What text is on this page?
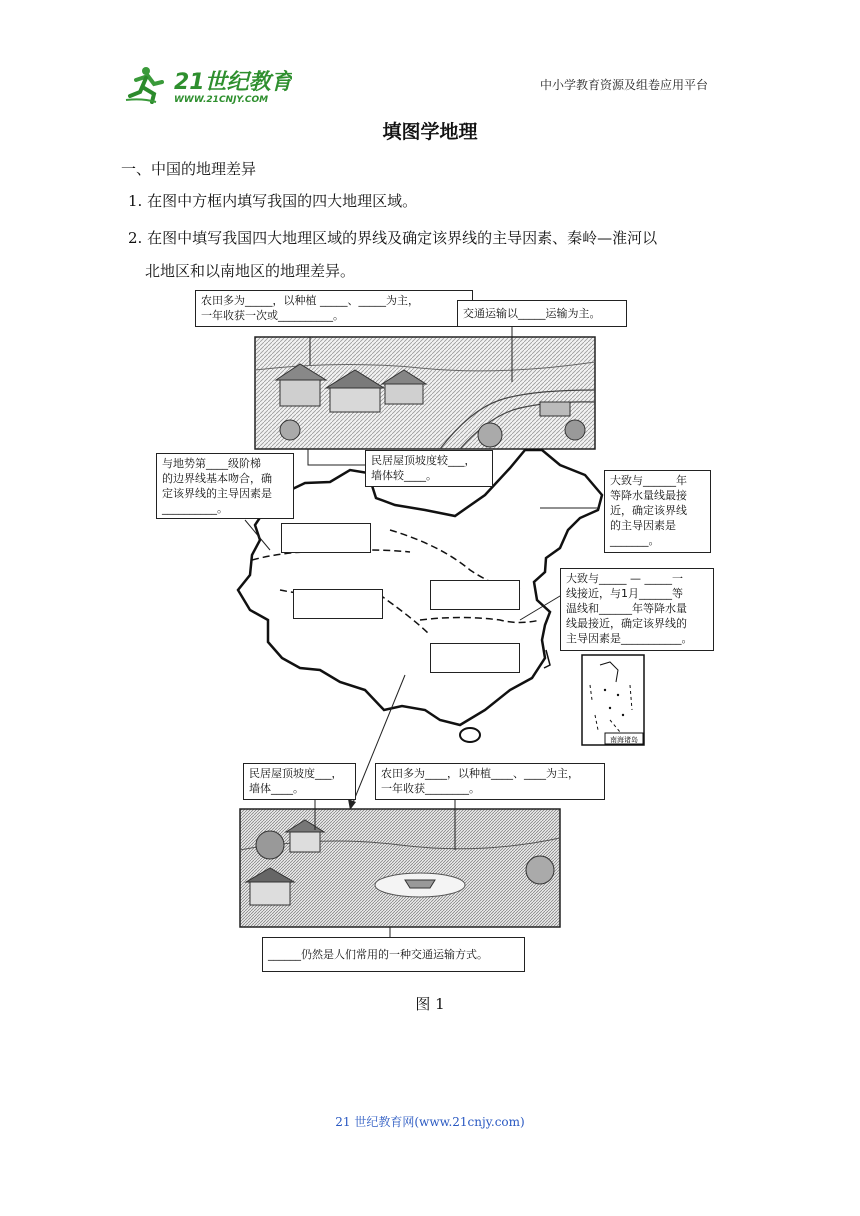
21世纪教育
WWW.21CNJY.COM
中小学教育资源及组卷应用平台
填图学地理
一、中国的地理差异
1. 在图中方框内填写我国的四大地理区域。
2. 在图中填写我国四大地理区域的界线及确定该界线的主导因素、秦岭—淮河以
北地区和以南地区的地理差异。
南海诸岛
农田多为_____，以种植 _____、_____为主，
一年收获一次或__________。	交通运输以_____运输为主。
民居屋顶坡度较___，
墙体较____。
与地势第____级阶梯
的边界线基本吻合，确
定该界线的主导因素是
__________。
大致与______年
等降水量线最接
近，确定该界线
的主导因素是
_______。
大致与_____ — _____一
线接近，与1月______等
温线和______年等降水量
线最接近，确定该界线的
主导因素是___________。
民居屋顶坡度___，
墙体____。
农田多为____，以种植____、____为主，
一年收获________。
______仍然是人们常用的一种交通运输方式。
图 1
21 世纪教育网(www.21cnjy.com)
